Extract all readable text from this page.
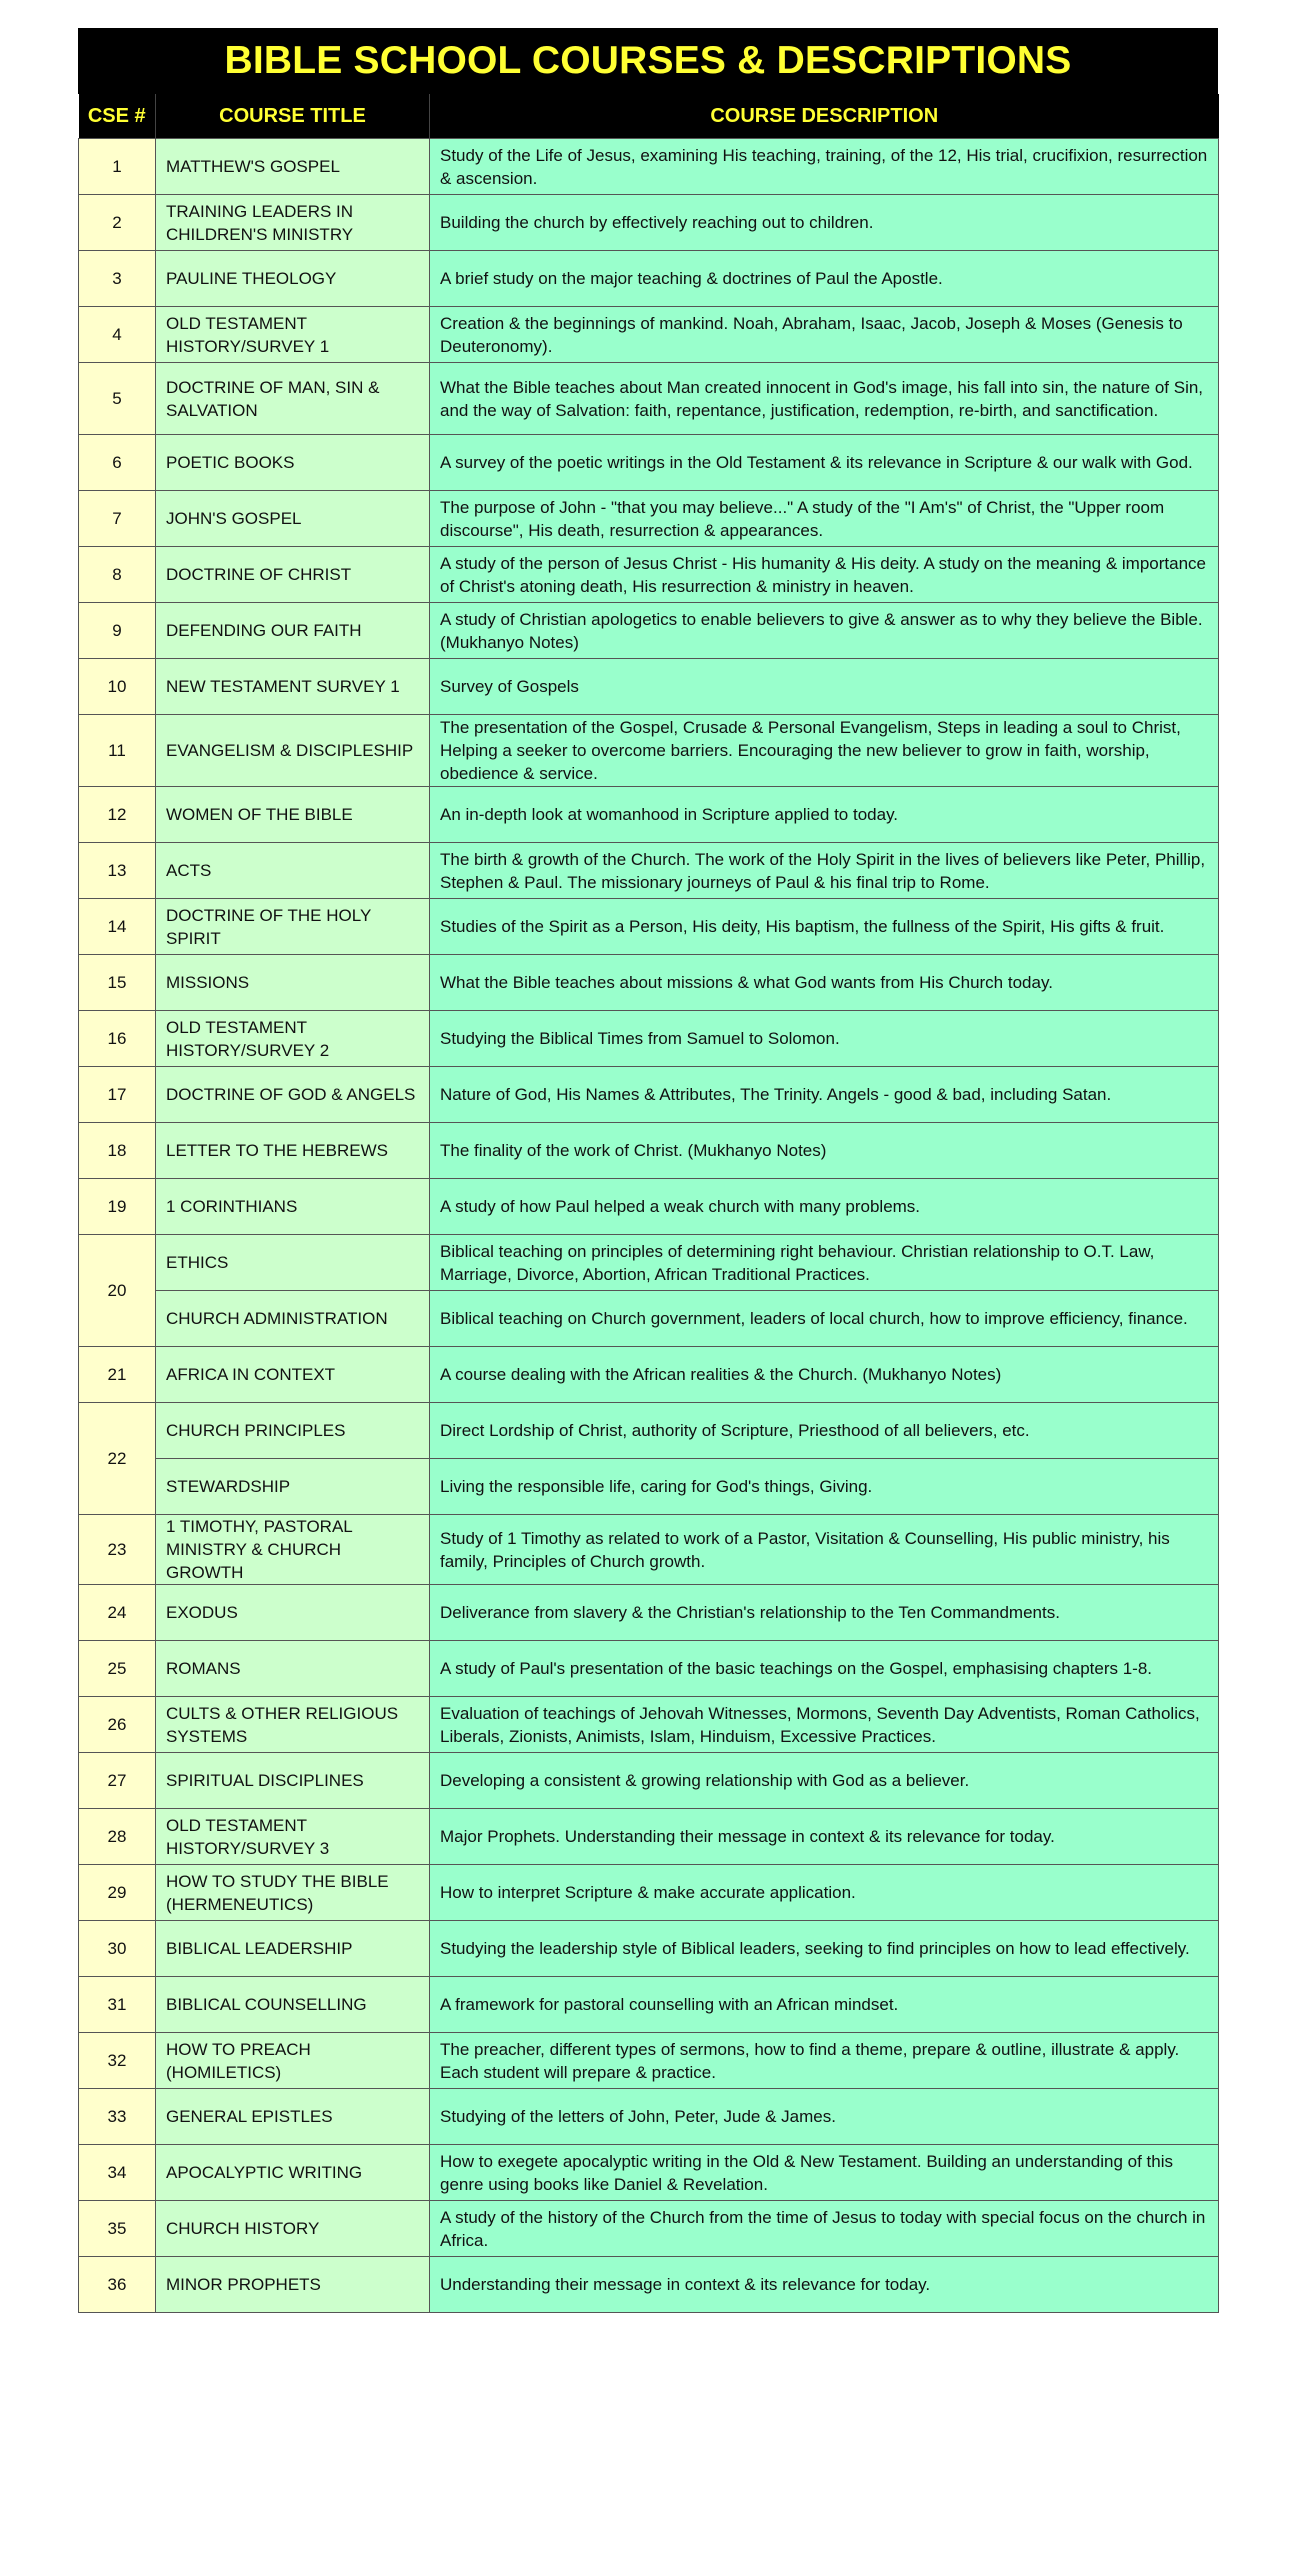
BIBLE SCHOOL COURSES & DESCRIPTIONS
CSE #	COURSE TITLE	COURSE DESCRIPTION
1	MATTHEW'S GOSPEL	Study of the Life of Jesus, examining His teaching, training, of the 12, His trial, crucifixion, resurrection & ascension.
2	TRAINING LEADERS IN CHILDREN'S MINISTRY	Building the church by effectively reaching out to children.
3	PAULINE THEOLOGY	A brief study on the major teaching & doctrines of Paul the Apostle.
4	OLD TESTAMENT HISTORY/SURVEY 1	Creation & the beginnings of mankind. Noah, Abraham, Isaac, Jacob, Joseph & Moses (Genesis to Deuteronomy).
5	DOCTRINE OF MAN, SIN & SALVATION	What the Bible teaches about Man created innocent in God's image, his fall into sin, the nature of Sin, and the way of Salvation: faith, repentance, justification, redemption, re-birth, and sanctification.
6	POETIC BOOKS	A survey of the poetic writings in the Old Testament & its relevance in Scripture & our walk with God.
7	JOHN'S GOSPEL	The purpose of John - "that you may believe..." A study of the "I Am's" of Christ, the "Upper room discourse", His death, resurrection & appearances.
8	DOCTRINE OF CHRIST	A study of the person of Jesus Christ - His humanity & His deity. A study on the meaning & importance of Christ's atoning death, His resurrection & ministry in heaven.
9	DEFENDING OUR FAITH	A study of Christian apologetics to enable believers to give & answer as to why they believe the Bible. (Mukhanyo Notes)
10	NEW TESTAMENT SURVEY 1	Survey of Gospels
11	EVANGELISM & DISCIPLESHIP	The presentation of the Gospel, Crusade & Personal Evangelism, Steps in leading a soul to Christ, Helping a seeker to overcome barriers. Encouraging the new believer to grow in faith, worship, obedience & service.
12	WOMEN OF THE BIBLE	An in-depth look at womanhood in Scripture applied to today.
13	ACTS	The birth & growth of the Church. The work of the Holy Spirit in the lives of believers like Peter, Phillip, Stephen & Paul. The missionary journeys of Paul & his final trip to Rome.
14	DOCTRINE OF THE HOLY SPIRIT	Studies of the Spirit as a Person, His deity, His baptism, the fullness of the Spirit, His gifts & fruit.
15	MISSIONS	What the Bible teaches about missions & what God wants from His Church today.
16	OLD TESTAMENT HISTORY/SURVEY 2	Studying the Biblical Times from Samuel to Solomon.
17	DOCTRINE OF GOD & ANGELS	Nature of God, His Names & Attributes, The Trinity. Angels - good & bad, including Satan.
18	LETTER TO THE HEBREWS	The finality of the work of Christ. (Mukhanyo Notes)
19	1 CORINTHIANS	A study of how Paul helped a weak church with many problems.
20	ETHICS	Biblical teaching on principles of determining right behaviour. Christian relationship to O.T. Law, Marriage, Divorce, Abortion, African Traditional Practices.
	CHURCH ADMINISTRATION	Biblical teaching on Church government, leaders of local church, how to improve efficiency, finance.
21	AFRICA IN CONTEXT	A course dealing with the African realities & the Church. (Mukhanyo Notes)
22	CHURCH PRINCIPLES	Direct Lordship of Christ, authority of Scripture, Priesthood of all believers, etc.
	STEWARDSHIP	Living the responsible life, caring for God's things, Giving.
23	1 TIMOTHY, PASTORAL MINISTRY & CHURCH GROWTH	Study of 1 Timothy as related to work of a Pastor, Visitation & Counselling, His public ministry, his family, Principles of Church growth.
24	EXODUS	Deliverance from slavery & the Christian's relationship to the Ten Commandments.
25	ROMANS	A study of Paul's presentation of the basic teachings on the Gospel, emphasising chapters 1-8.
26	CULTS & OTHER RELIGIOUS SYSTEMS	Evaluation of teachings of Jehovah Witnesses, Mormons, Seventh Day Adventists, Roman Catholics, Liberals, Zionists, Animists, Islam, Hinduism, Excessive Practices.
27	SPIRITUAL DISCIPLINES	Developing a consistent & growing relationship with God as a believer.
28	OLD TESTAMENT HISTORY/SURVEY 3	Major Prophets. Understanding their message in context & its relevance for today.
29	HOW TO STUDY THE BIBLE (HERMENEUTICS)	How to interpret Scripture & make accurate application.
30	BIBLICAL LEADERSHIP	Studying the leadership style of Biblical leaders, seeking to find principles on how to lead effectively.
31	BIBLICAL COUNSELLING	A framework for pastoral counselling with an African mindset.
32	HOW TO PREACH (HOMILETICS)	The preacher, different types of sermons, how to find a theme, prepare & outline, illustrate & apply. Each student will prepare & practice.
33	GENERAL EPISTLES	Studying of the letters of John, Peter, Jude & James.
34	APOCALYPTIC WRITING	How to exegete apocalyptic writing in the Old & New Testament. Building an understanding of this genre using books like Daniel & Revelation.
35	CHURCH HISTORY	A study of the history of the Church from the time of Jesus to today with special focus on the church in Africa.
36	MINOR PROPHETS	Understanding their message in context & its relevance for today.
